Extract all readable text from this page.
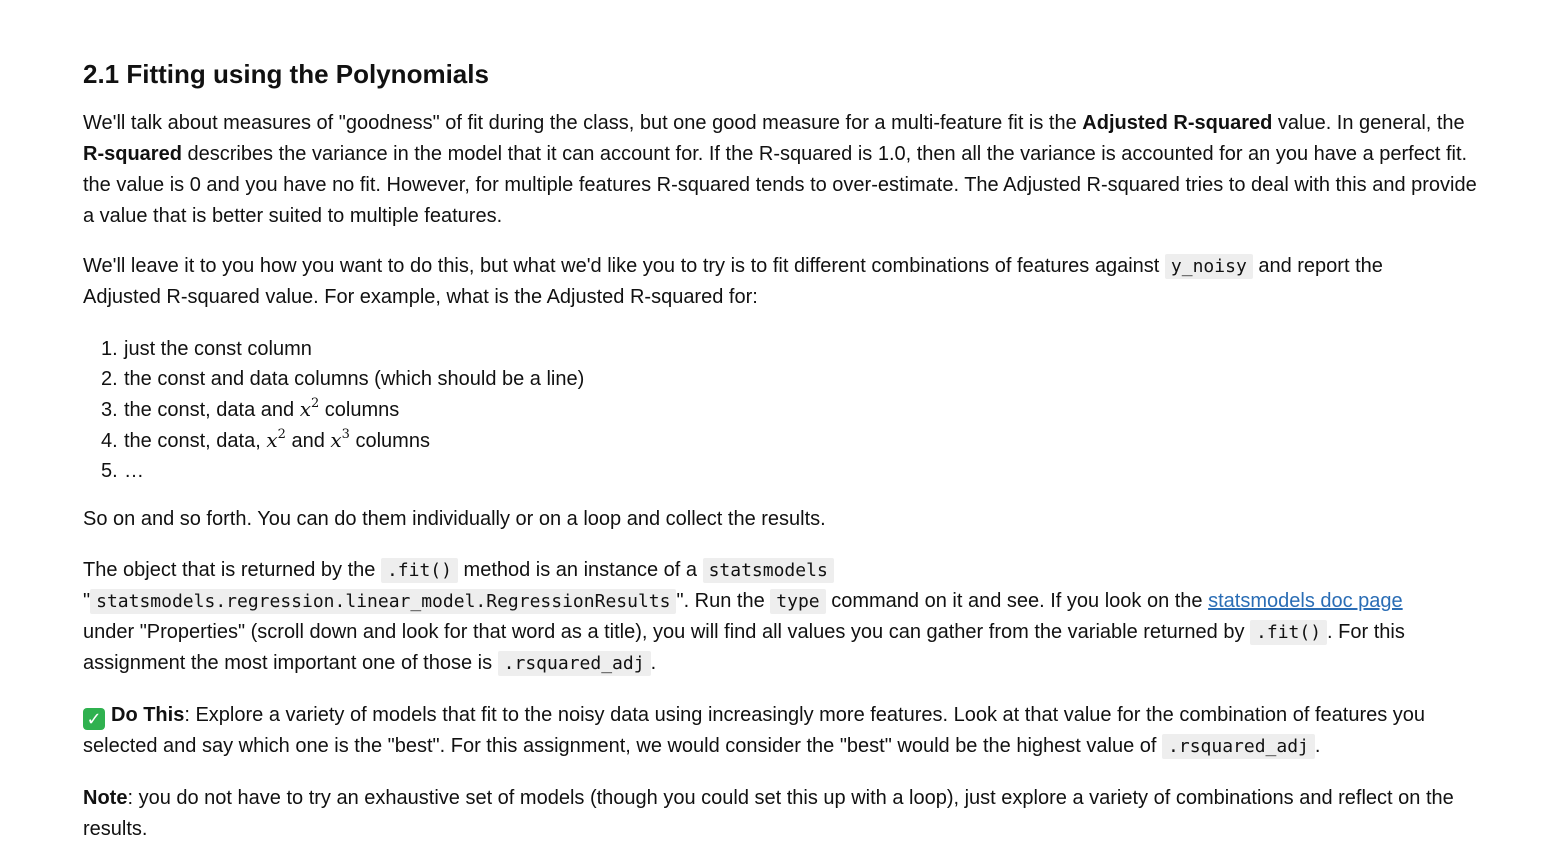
2.1 Fitting using the Polynomials
We'll talk about measures of "goodness" of fit during the class, but one good measure for a multi-feature fit is the Adjusted R-squared value. In general, the
R-squared describes the variance in the model that it can account for. If the R-squared is 1.0, then all the variance is accounted for an you have a perfect fit.
the value is 0 and you have no fit. However, for multiple features R-squared tends to over-estimate. The Adjusted R-squared tries to deal with this and provide
a value that is better suited to multiple features.
We'll leave it to you how you want to do this, but what we'd like you to try is to fit different combinations of features against y_noisy and report the
Adjusted R-squared value. For example, what is the Adjusted R-squared for:
1. just the const column
2. the const and data columns (which should be a line)
3. the const, data and $x^2$ columns
4. the const, data, $x^2$ and $x^3$ columns
5. …
So on and so forth. You can do them individually or on a loop and collect the results.
The object that is returned by the .fit() method is an instance of a statsmodels
" statsmodels.regression.linear_model.RegressionResults ". Run the type command on it and see. If you look on the statsmodels doc page
under "Properties" (scroll down and look for that word as a title), you will find all values you can gather from the variable returned by .fit() . For this
assignment the most important one of those is .rsquared_adj .
✓ Do This: Explore a variety of models that fit to the noisy data using increasingly more features. Look at that value for the combination of features you
selected and say which one is the "best". For this assignment, we would consider the "best" would be the highest value of .rsquared_adj .
Note: you do not have to try an exhaustive set of models (though you could set this up with a loop), just explore a variety of combinations and reflect on the
results.
